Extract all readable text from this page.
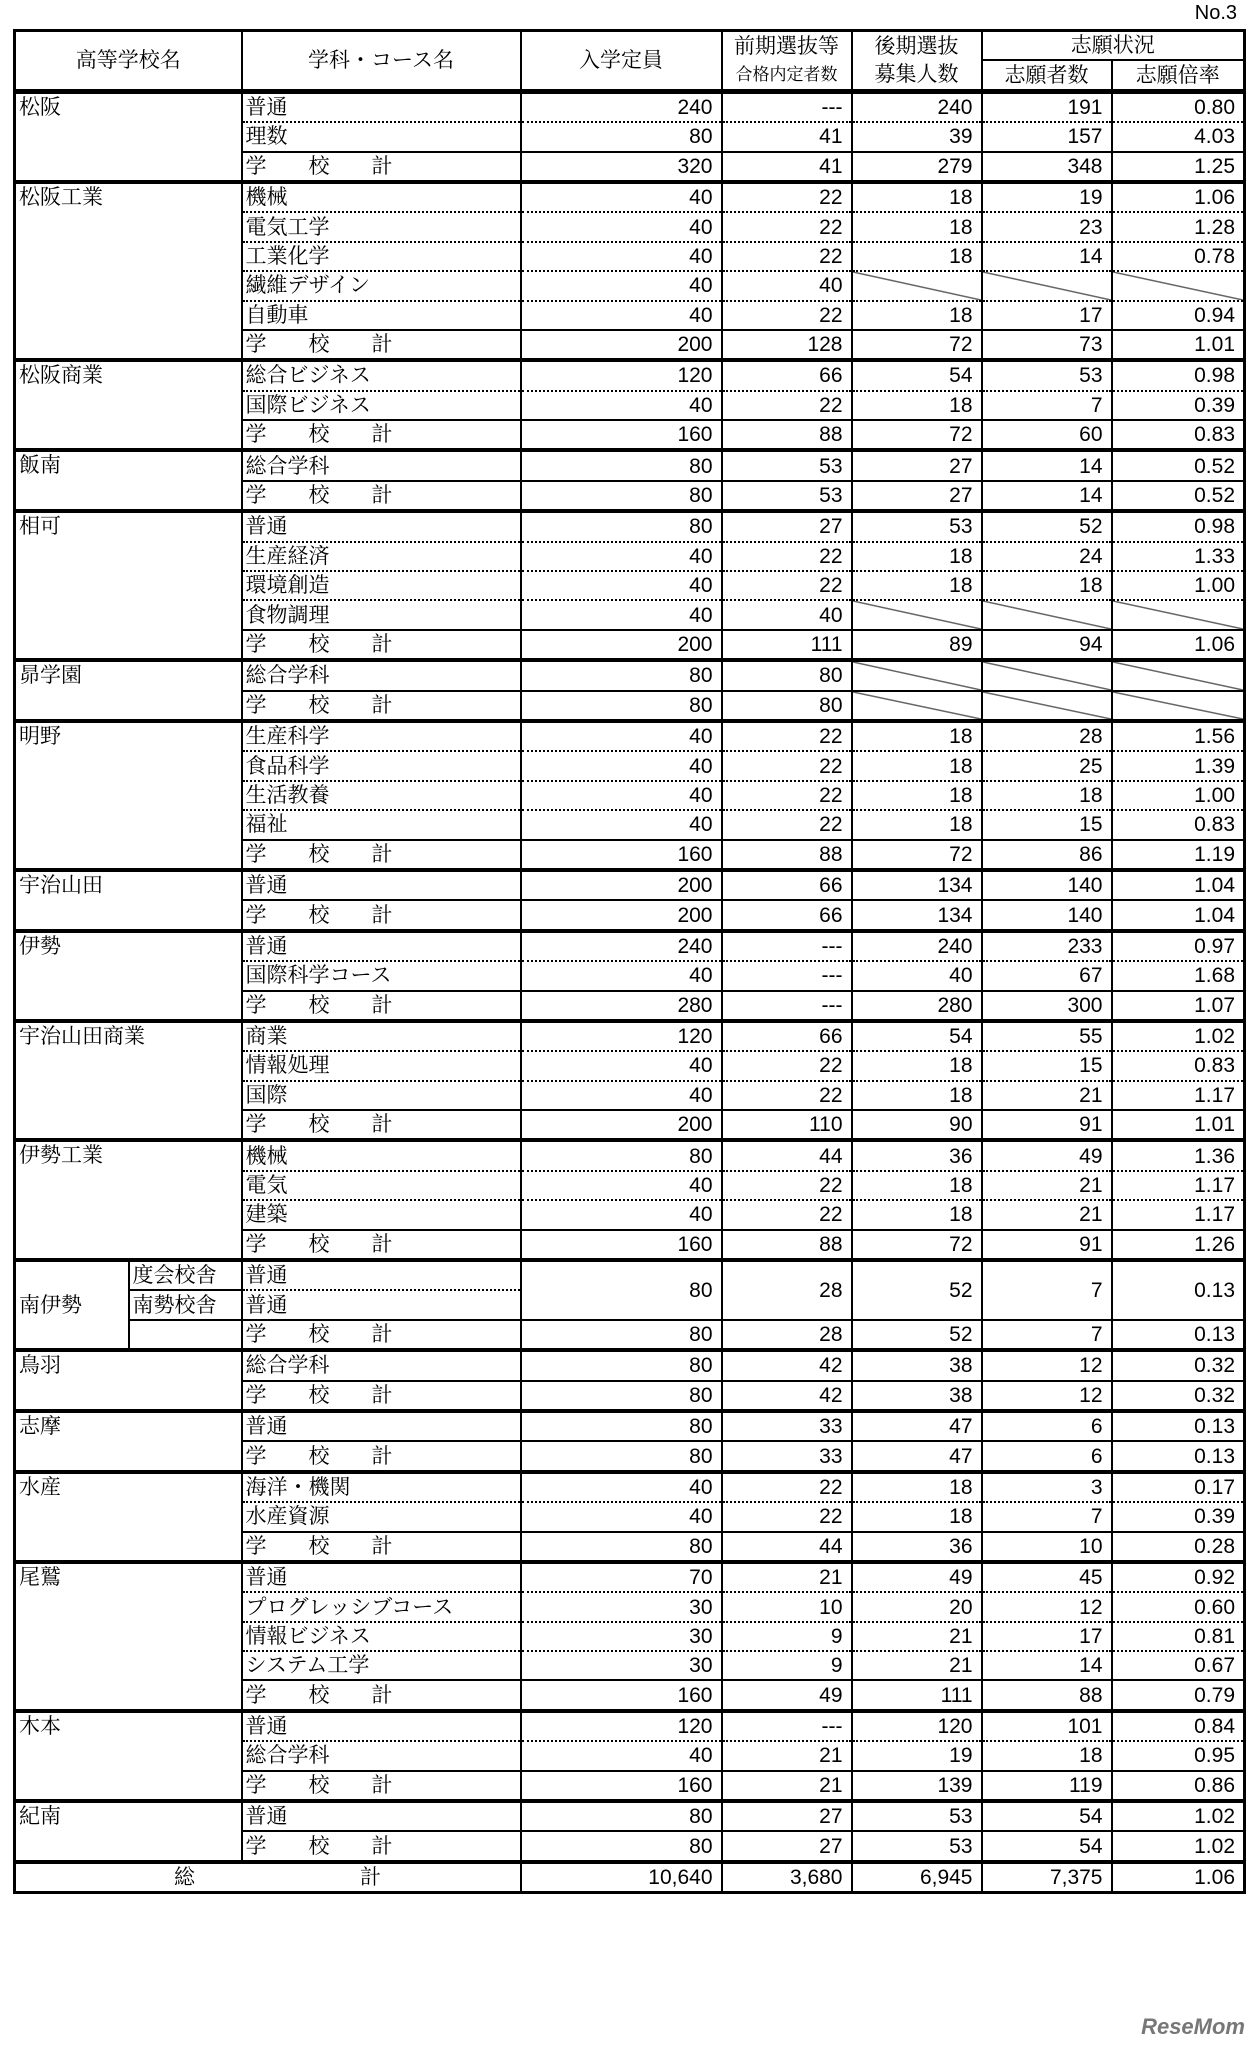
No.3
高等学校名		学科・コース名	入学定員	前期選抜等	後期選抜	志願状況	
				合格内定者数	募集人数	志願者数	志願倍率
松阪		普通	240	---	240	191	0.80
		理数	80	41	39	157	4.03
		学　　校　　計	320	41	279	348	1.25
松阪工業		機械	40	22	18	19	1.06
		電気工学	40	22	18	23	1.28
		工業化学	40	22	18	14	0.78
		繊維デザイン	40	40			
		自動車	40	22	18	17	0.94
		学　　校　　計	200	128	72	73	1.01
松阪商業		総合ビジネス	120	66	54	53	0.98
		国際ビジネス	40	22	18	7	0.39
		学　　校　　計	160	88	72	60	0.83
飯南		総合学科	80	53	27	14	0.52
		学　　校　　計	80	53	27	14	0.52
相可		普通	80	27	53	52	0.98
		生産経済	40	22	18	24	1.33
		環境創造	40	22	18	18	1.00
		食物調理	40	40			
		学　　校　　計	200	111	89	94	1.06
昴学園		総合学科	80	80			
		学　　校　　計	80	80			
明野		生産科学	40	22	18	28	1.56
		食品科学	40	22	18	25	1.39
		生活教養	40	22	18	18	1.00
		福祉	40	22	18	15	0.83
		学　　校　　計	160	88	72	86	1.19
宇治山田		普通	200	66	134	140	1.04
		学　　校　　計	200	66	134	140	1.04
伊勢		普通	240	---	240	233	0.97
		国際科学コース	40	---	40	67	1.68
		学　　校　　計	280	---	280	300	1.07
宇治山田商業		商業	120	66	54	55	1.02
		情報処理	40	22	18	15	0.83
		国際	40	22	18	21	1.17
		学　　校　　計	200	110	90	91	1.01
伊勢工業		機械	80	44	36	49	1.36
		電気	40	22	18	21	1.17
		建築	40	22	18	21	1.17
		学　　校　　計	160	88	72	91	1.26
南伊勢	度会校舎	普通	80	28	52	7	0.13
	南勢校舎	普通					
		学　　校　　計	80	28	52	7	0.13
鳥羽		総合学科	80	42	38	12	0.32
		学　　校　　計	80	42	38	12	0.32
志摩		普通	80	33	47	6	0.13
		学　　校　　計	80	33	47	6	0.13
水産		海洋・機関	40	22	18	3	0.17
		水産資源	40	22	18	7	0.39
		学　　校　　計	80	44	36	10	0.28
尾鷲		普通	70	21	49	45	0.92
		プログレッシブコース	30	10	20	12	0.60
		情報ビジネス	30	9	21	17	0.81
		システム工学	30	9	21	14	0.67
		学　　校　　計	160	49	111	88	0.79
木本		普通	120	---	120	101	0.84
		総合学科	40	21	19	18	0.95
		学　　校　　計	160	21	139	119	0.86
紀南		普通	80	27	53	54	1.02
		学　　校　　計	80	27	53	54	1.02
総 計			10,640	3,680	6,945	7,375	1.06
ReseMom
